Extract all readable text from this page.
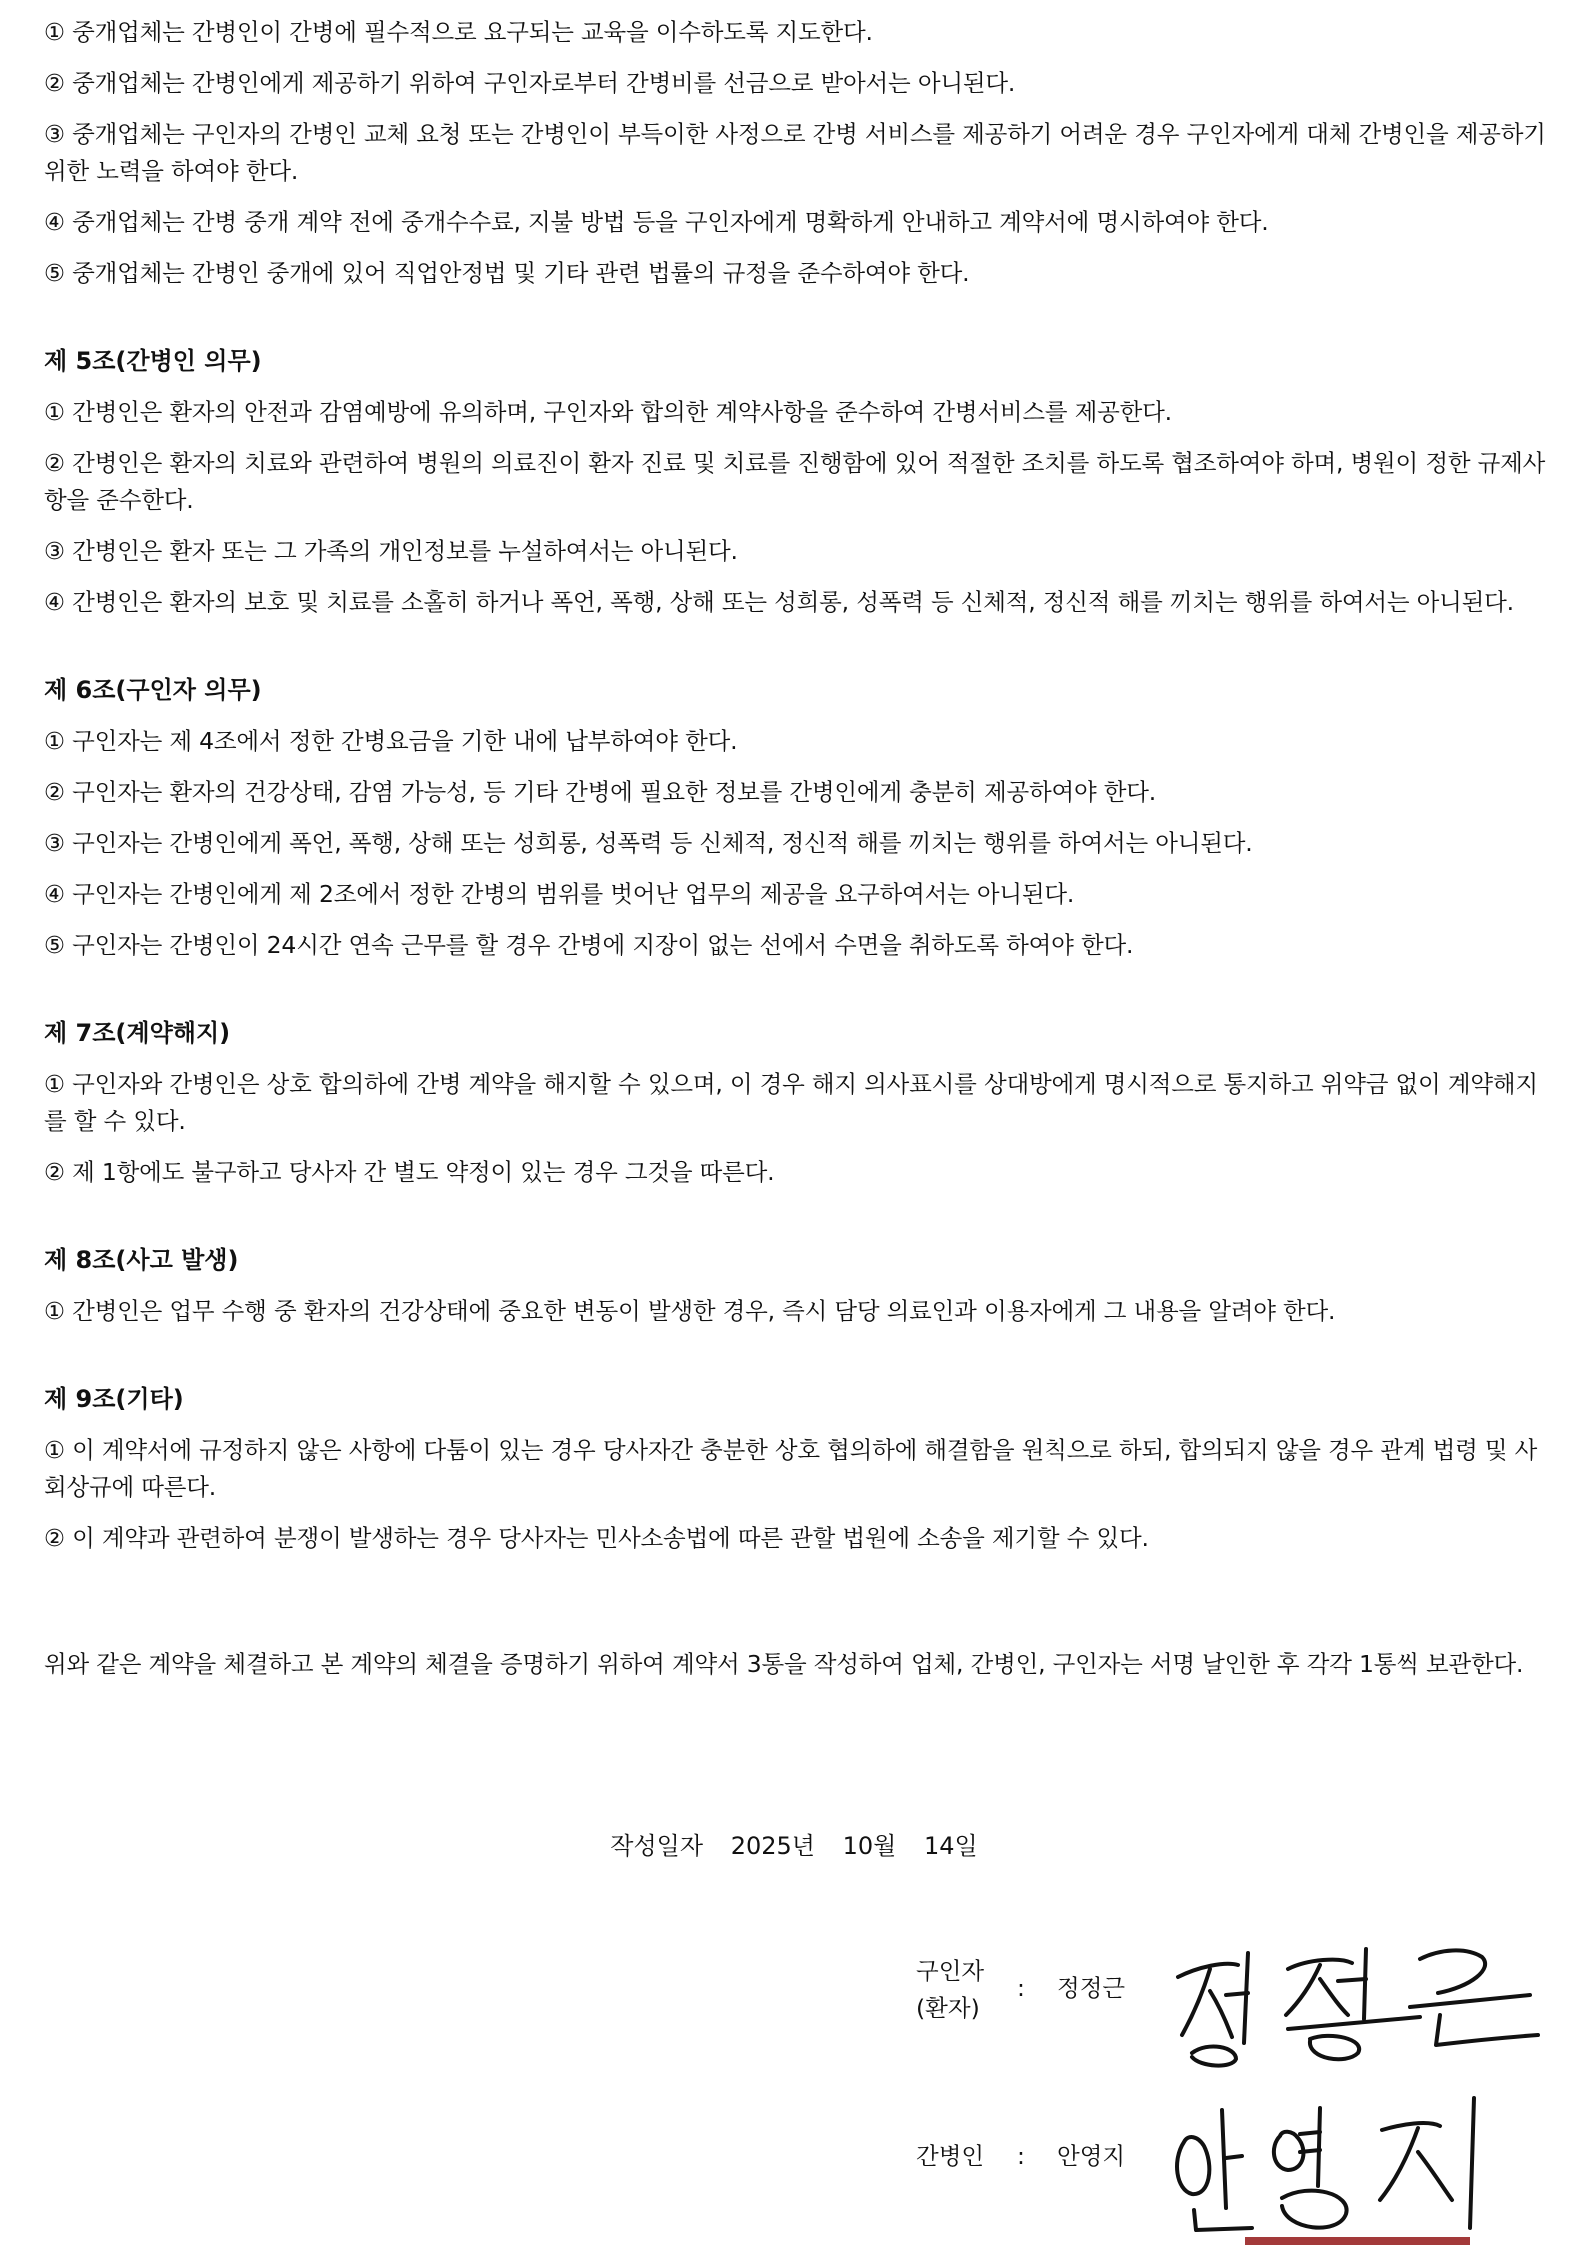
① 중개업체는 간병인이 간병에 필수적으로 요구되는 교육을 이수하도록 지도한다.

② 중개업체는 간병인에게 제공하기 위하여 구인자로부터 간병비를 선금으로 받아서는 아니된다.

③ 중개업체는 구인자의 간병인 교체 요청 또는 간병인이 부득이한 사정으로 간병 서비스를 제공하기 어려운 경우 구인자에게 대체 간병인을 제공하기 위한 노력을 하여야 한다.

④ 중개업체는 간병 중개 계약 전에 중개수수료, 지불 방법 등을 구인자에게 명확하게 안내하고 계약서에 명시하여야 한다.

⑤ 중개업체는 간병인 중개에 있어 직업안정법 및 기타 관련 법률의 규정을 준수하여야 한다.

제 5조(간병인 의무)

① 간병인은 환자의 안전과 감염예방에 유의하며, 구인자와 합의한 계약사항을 준수하여 간병서비스를 제공한다.

② 간병인은 환자의 치료와 관련하여 병원의 의료진이 환자 진료 및 치료를 진행함에 있어 적절한 조치를 하도록 협조하여야 하며, 병원이 정한 규제사항을 준수한다.

③ 간병인은 환자 또는 그 가족의 개인정보를 누설하여서는 아니된다.

④ 간병인은 환자의 보호 및 치료를 소홀히 하거나 폭언, 폭행, 상해 또는 성희롱, 성폭력 등 신체적, 정신적 해를 끼치는 행위를 하여서는 아니된다.

제 6조(구인자 의무)

① 구인자는 제 4조에서 정한 간병요금을 기한 내에 납부하여야 한다.

② 구인자는 환자의 건강상태, 감염 가능성, 등 기타 간병에 필요한 정보를 간병인에게 충분히 제공하여야 한다.

③ 구인자는 간병인에게 폭언, 폭행, 상해 또는 성희롱, 성폭력 등 신체적, 정신적 해를 끼치는 행위를 하여서는 아니된다.

④ 구인자는 간병인에게 제 2조에서 정한 간병의 범위를 벗어난 업무의 제공을 요구하여서는 아니된다.

⑤ 구인자는 간병인이 24시간 연속 근무를 할 경우 간병에 지장이 없는 선에서 수면을 취하도록 하여야 한다.

제 7조(계약해지)

① 구인자와 간병인은 상호 합의하에 간병 계약을 해지할 수 있으며, 이 경우 해지 의사표시를 상대방에게 명시적으로 통지하고 위약금 없이 계약해지를 할 수 있다.

② 제 1항에도 불구하고 당사자 간 별도 약정이 있는 경우 그것을 따른다.

제 8조(사고 발생)

① 간병인은 업무 수행 중 환자의 건강상태에 중요한 변동이 발생한 경우, 즉시 담당 의료인과 이용자에게 그 내용을 알려야 한다.

제 9조(기타)

① 이 계약서에 규정하지 않은 사항에 다툼이 있는 경우 당사자간 충분한 상호 협의하에 해결함을 원칙으로 하되, 합의되지 않을 경우 관계 법령 및 사회상규에 따른다.

② 이 계약과 관련하여 분쟁이 발생하는 경우 당사자는 민사소송법에 따른 관할 법원에 소송을 제기할 수 있다.

위와 같은 계약을 체결하고 본 계약의 체결을 증명하기 위하여 계약서 3통을 작성하여 업체, 간병인, 구인자는 서명 날인한 후 각각 1통씩 보관한다.

작성일자 2025년 10월 14일
구인자
(환자)
: 정정근
간병인 : 안영지
